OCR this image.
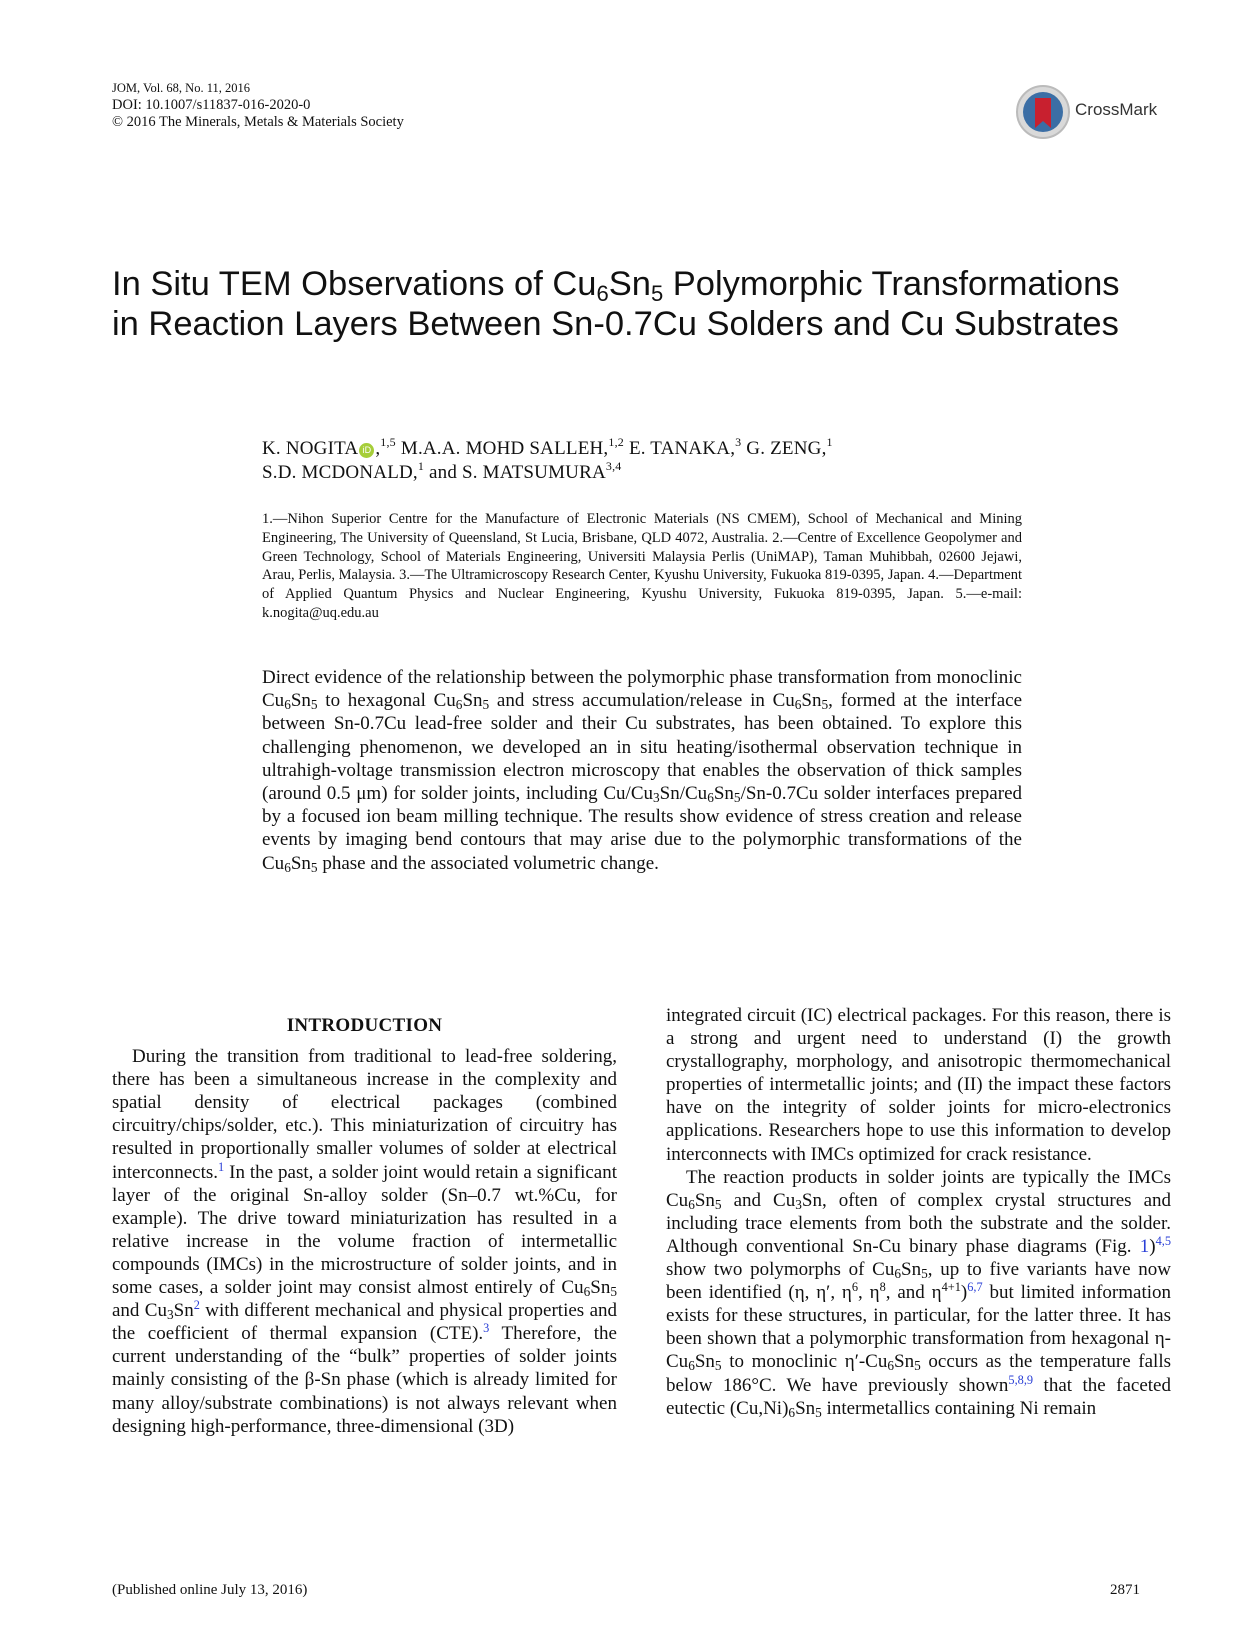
JOM, Vol. 68, No. 11, 2016
DOI: 10.1007/s11837-016-2020-0
© 2016 The Minerals, Metals & Materials Society
CrossMark
In Situ TEM Observations of $Cu_6Sn_5$ Polymorphic Transformations in Reaction Layers Between Sn-0.7Cu Solders and Cu Substrates
K. NOGITA iD ,$^{1,5}$ M.A.A. MOHD SALLEH,$^{1,2}$ E. TANAKA,$^3$ G. ZENG,$^1$
S.D. MCDONALD,$^1$ and S. MATSUMURA$^{3,4}$
1.—Nihon Superior Centre for the Manufacture of Electronic Materials (NS CMEM), School of Mechanical and Mining Engineering, The University of Queensland, St Lucia, Brisbane, QLD 4072, Australia. 2.—Centre of Excellence Geopolymer and Green Technology, School of Materials Engineering, Universiti Malaysia Perlis (UniMAP), Taman Muhibbah, 02600 Jejawi, Arau, Perlis, Malaysia. 3.—The Ultramicroscopy Research Center, Kyushu University, Fukuoka 819-0395, Japan. 4.—Department of Applied Quantum Physics and Nuclear Engineering, Kyushu University, Fukuoka 819-0395, Japan. 5.—e-mail: k.nogita@uq.edu.au
Direct evidence of the relationship between the polymorphic phase transformation from monoclinic $Cu_6Sn_5$ to hexagonal $Cu_6Sn_5$ and stress accumulation/release in $Cu_6Sn_5$, formed at the interface between Sn-0.7Cu lead-free solder and their Cu substrates, has been obtained. To explore this challenging phenomenon, we developed an in situ heating/isothermal observation technique in ultrahigh-voltage transmission electron microscopy that enables the observation of thick samples (around 0.5 μm) for solder joints, including $Cu/Cu_3Sn/Cu_6Sn_5/Sn-0.7Cu$ solder interfaces prepared by a focused ion beam milling technique. The results show evidence of stress creation and release events by imaging bend contours that may arise due to the polymorphic transformations of the $Cu_6Sn_5$ phase and the associated volumetric change.
INTRODUCTION

During the transition from traditional to lead-free soldering, there has been a simultaneous increase in the complexity and spatial density of electrical packages (combined circuitry/chips/solder, etc.). This miniaturization of circuitry has resulted in proportionally smaller volumes of solder at electrical interconnects.$^1$ In the past, a solder joint would retain a significant layer of the original Sn-alloy solder (Sn–0.7 wt.%Cu, for example). The drive toward miniaturization has resulted in a relative increase in the volume fraction of intermetallic compounds (IMCs) in the microstructure of solder joints, and in some cases, a solder joint may consist almost entirely of $Cu_6Sn_5$ and $Cu_3Sn^2$ with different mechanical and physical properties and the coefficient of thermal expansion (CTE).$^3$ Therefore, the current understanding of the “bulk” properties of solder joints mainly consisting of the β-Sn phase (which is already limited for many alloy/substrate combinations) is not always relevant when designing high-performance, three-dimensional (3D)

integrated circuit (IC) electrical packages. For this reason, there is a strong and urgent need to understand (I) the growth crystallography, morphology, and anisotropic thermomechanical properties of intermetallic joints; and (II) the impact these factors have on the integrity of solder joints for micro-electronics applications. Researchers hope to use this information to develop interconnects with IMCs optimized for crack resistance.

The reaction products in solder joints are typically the IMCs $Cu_6Sn_5$ and $Cu_3Sn$, often of complex crystal structures and including trace elements from both the substrate and the solder. Although conventional Sn-Cu binary phase diagrams (Fig. 1)$^{4,5}$ show two polymorphs of $Cu_6Sn_5$, up to five variants have now been identified (η, η′, $\eta^6$, $\eta^8$, and $\eta^{4+1})^{6,7}$ but limited information exists for these structures, in particular, for the latter three. It has been shown that a polymorphic transformation from hexagonal $\eta-Cu_6Sn_5$ to monoclinic $\eta'-Cu_6Sn_5$ occurs as the temperature falls below 186°C. We have previously shown$^{5,8,9}$ that the faceted eutectic $(Cu,Ni)_6Sn_5$ intermetallics containing Ni remain

(Published online July 13, 2016)	2871
